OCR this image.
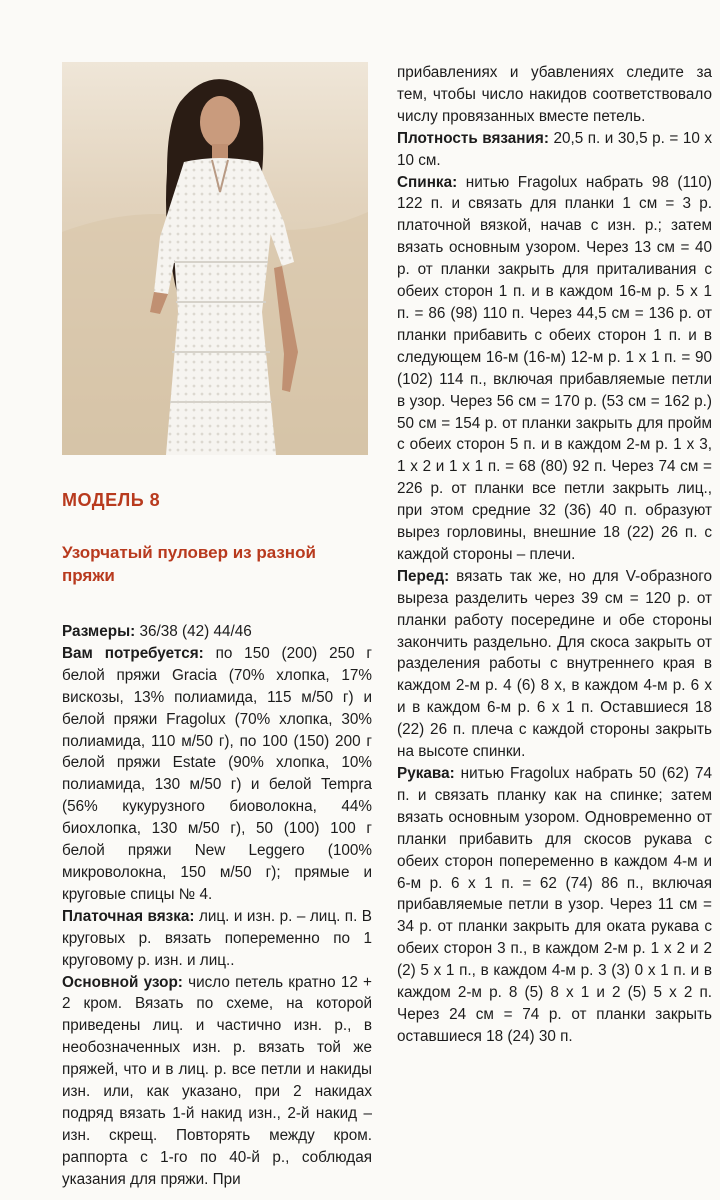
МОДЕЛЬ 8
Узорчатый пуловер из разной пряжи

Размеры: 36/38 (42) 44/46

Вам потребуется: по 150 (200) 250 г белой пряжи Gracia (70% хлопка, 17% вискозы, 13% полиамида, 115 м/50 г) и белой пряжи Fragolux (70% хлопка, 30% полиамида, 110 м/50 г), по 100 (150) 200 г белой пряжи Estate (90% хлопка, 10% полиамида, 130 м/50 г) и белой Tempra (56% кукурузного биоволокна, 44% биохлопка, 130 м/50 г), 50 (100) 100 г белой пряжи New Leggero (100% микроволокна, 150 м/50 г); прямые и круговые спицы № 4.

Платочная вязка: лиц. и изн. р. – лиц. п. В круговых р. вязать попеременно по 1 круговому р. изн. и лиц..

Основной узор: число петель кратно 12 + 2 кром. Вязать по схеме, на которой приведены лиц. и частично изн. р., в необозначенных изн. р. вязать той же пряжей, что и в лиц. р. все петли и накиды изн. или, как указано, при 2 накидах подряд вязать 1-й накид изн., 2-й накид – изн. скрещ. Повторять между кром. раппорта с 1-го по 40-й р., соблюдая указания для пряжи. При

прибавлениях и убавлениях следите за тем, чтобы число накидов соответствовало числу провязанных вместе петель.

Плотность вязания: 20,5 п. и 30,5 р. = 10 х 10 см.

Спинка: нитью Fragolux набрать 98 (110) 122 п. и связать для планки 1 см = 3 р. платочной вязкой, начав с изн. р.; затем вязать основным узором. Через 13 см = 40 р. от планки закрыть для приталивания с обеих сторон 1 п. и в каждом 16-м р. 5 х 1 п. = 86 (98) 110 п. Через 44,5 см = 136 р. от планки прибавить с обеих сторон 1 п. и в следующем 16-м (16-м) 12-м р. 1 х 1 п. = 90 (102) 114 п., включая прибавляемые петли в узор. Через 56 см = 170 р. (53 см = 162 р.) 50 см = 154 р. от планки закрыть для пройм с обеих сторон 5 п. и в каждом 2-м р. 1 х 3, 1 х 2 и 1 х 1 п. = 68 (80) 92 п. Через 74 см = 226 р. от планки все петли закрыть лиц., при этом средние 32 (36) 40 п. образуют вырез горловины, внешние 18 (22) 26 п. с каждой стороны – плечи.

Перед: вязать так же, но для V-образного выреза разделить через 39 см = 120 р. от планки работу посередине и обе стороны закончить раздельно. Для скоса закрыть от разделения работы с внутреннего края в каждом 2-м р. 4 (6) 8 х, в каждом 4-м р. 6 х и в каждом 6-м р. 6 х 1 п. Оставшиеся 18 (22) 26 п. плеча с каждой стороны закрыть на высоте спинки.

Рукава: нитью Fragolux набрать 50 (62) 74 п. и связать планку как на спинке; затем вязать основным узором. Одновременно от планки прибавить для скосов рукава с обеих сторон попеременно в каждом 4-м и 6-м р. 6 х 1 п. = 62 (74) 86 п., включая прибавляемые петли в узор. Через 11 см = 34 р. от планки закрыть для оката рукава с обеих сторон 3 п., в каждом 2-м р. 1 х 2 и 2 (2) 5 х 1 п., в каждом 4-м р. 3 (3) 0 х 1 п. и в каждом 2-м р. 8 (5) 8 х 1 и 2 (5) 5 х 2 п. Через 24 см = 74 р. от планки закрыть оставшиеся 18 (24) 30 п.
